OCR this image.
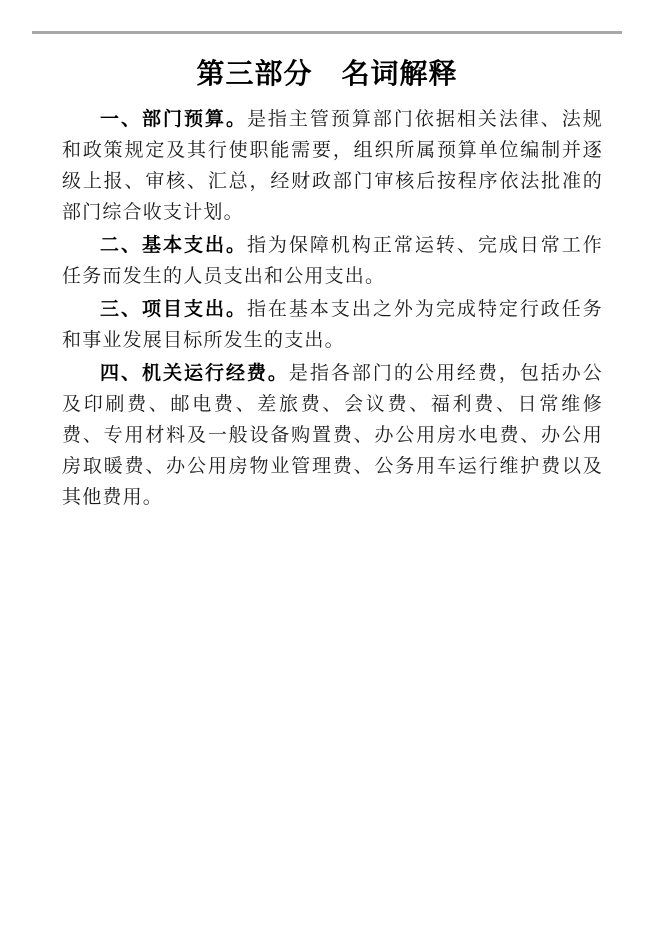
第三部分　名词解释

一、部门预算。是指主管预算部门依据相关法律、法规和政策规定及其行使职能需要，组织所属预算单位编制并逐级上报、审核、汇总，经财政部门审核后按程序依法批准的部门综合收支计划。

二、基本支出。指为保障机构正常运转、完成日常工作任务而发生的人员支出和公用支出。

三、项目支出。指在基本支出之外为完成特定行政任务和事业发展目标所发生的支出。

四、机关运行经费。是指各部门的公用经费，包括办公及印刷费、邮电费、差旅费、会议费、福利费、日常维修费、专用材料及一般设备购置费、办公用房水电费、办公用房取暖费、办公用房物业管理费、公务用车运行维护费以及其他费用。
